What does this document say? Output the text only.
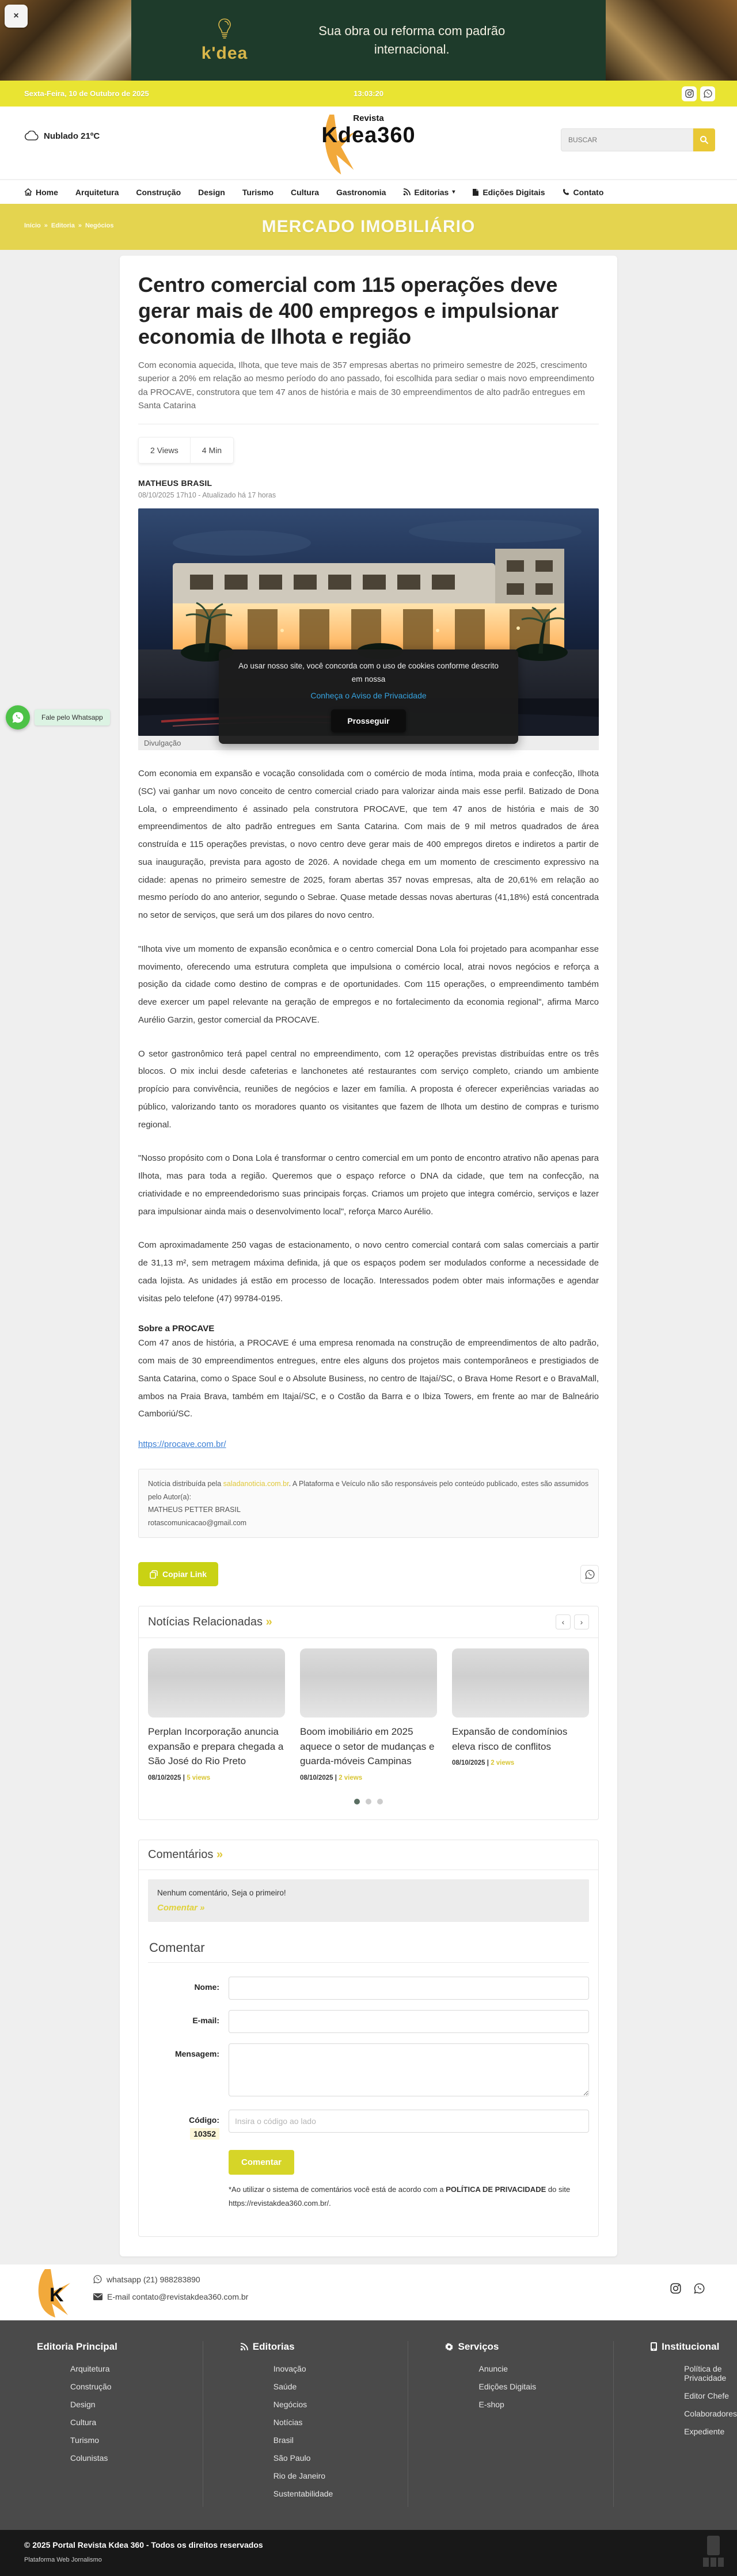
×
k'dea
Sua obra ou reforma com padrão internacional.
Sexta-Feira, 10 de Outubro de 2025	13:03:20
Nublado 21ºC
Revista
Kdea360
BUSCAR
Home Arquitetura Construção Design Turismo Cultura Gastronomia	Editorias ▾	Edições Digitais	Contato
Início » Editoria » Negócios	MERCADO IMOBILIÁRIO
Centro comercial com 115 operações deve gerar mais de 400 empregos e impulsionar economia de Ilhota e região

Com economia aquecida, Ilhota, que teve mais de 357 empresas abertas no primeiro semestre de 2025, crescimento superior a 20% em relação ao mesmo período do ano passado, foi escolhida para sediar o mais novo empreendimento da PROCAVE, construtora que tem 47 anos de história e mais de 30 empreendimentos de alto padrão entregues em Santa Catarina

2 Views	4 Min
MATHEUS BRASIL
08/10/2025 17h10 - Atualizado há 17 horas
Divulgação

Com economia em expansão e vocação consolidada com o comércio de moda íntima, moda praia e confecção, Ilhota (SC) vai ganhar um novo conceito de centro comercial criado para valorizar ainda mais esse perfil. Batizado de Dona Lola, o empreendimento é assinado pela construtora PROCAVE, que tem 47 anos de história e mais de 30 empreendimentos de alto padrão entregues em Santa Catarina. Com mais de 9 mil metros quadrados de área construída e 115 operações previstas, o novo centro deve gerar mais de 400 empregos diretos e indiretos a partir de sua inauguração, prevista para agosto de 2026. A novidade chega em um momento de crescimento expressivo na cidade: apenas no primeiro semestre de 2025, foram abertas 357 novas empresas, alta de 20,61% em relação ao mesmo período do ano anterior, segundo o Sebrae. Quase metade dessas novas aberturas (41,18%) está concentrada no setor de serviços, que será um dos pilares do novo centro.

"Ilhota vive um momento de expansão econômica e o centro comercial Dona Lola foi projetado para acompanhar esse movimento, oferecendo uma estrutura completa que impulsiona o comércio local, atrai novos negócios e reforça a posição da cidade como destino de compras e de oportunidades. Com 115 operações, o empreendimento também deve exercer um papel relevante na geração de empregos e no fortalecimento da economia regional", afirma Marco Aurélio Garzin, gestor comercial da PROCAVE.

O setor gastronômico terá papel central no empreendimento, com 12 operações previstas distribuídas entre os três blocos. O mix inclui desde cafeterias e lanchonetes até restaurantes com serviço completo, criando um ambiente propício para convivência, reuniões de negócios e lazer em família. A proposta é oferecer experiências variadas ao público, valorizando tanto os moradores quanto os visitantes que fazem de Ilhota um destino de compras e turismo regional.

"Nosso propósito com o Dona Lola é transformar o centro comercial em um ponto de encontro atrativo não apenas para Ilhota, mas para toda a região. Queremos que o espaço reforce o DNA da cidade, que tem na confecção, na criatividade e no empreendedorismo suas principais forças. Criamos um projeto que integra comércio, serviços e lazer para impulsionar ainda mais o desenvolvimento local", reforça Marco Aurélio.

Com aproximadamente 250 vagas de estacionamento, o novo centro comercial contará com salas comerciais a partir de 31,13 m², sem metragem máxima definida, já que os espaços podem ser modulados conforme a necessidade de cada lojista. As unidades já estão em processo de locação. Interessados podem obter mais informações e agendar visitas pelo telefone (47) 99784-0195.

Sobre a PROCAVE

Com 47 anos de história, a PROCAVE é uma empresa renomada na construção de empreendimentos de alto padrão, com mais de 30 empreendimentos entregues, entre eles alguns dos projetos mais contemporâneos e prestigiados de Santa Catarina, como o Space Soul e o Absolute Business, no centro de Itajaí/SC, o Brava Home Resort e o BravaMall, ambos na Praia Brava, também em Itajaí/SC, e o Costão da Barra e o Ibiza Towers, em frente ao mar de Balneário Camboriú/SC.

https://procave.com.br/
Notícia distribuída pela saladanoticia.com.br. A Plataforma e Veículo não são responsáveis pelo conteúdo publicado, estes são assumidos pelo Autor(a):
MATHEUS PETTER BRASIL
rotascomunicacao@gmail.com
Copiar Link
Notícias Relacionadas »	‹	›
Perplan Incorporação anuncia expansão e prepara chegada a São José do Rio Preto
08/10/2025 | 5 views
Boom imobiliário em 2025 aquece o setor de mudanças e guarda-móveis Campinas
08/10/2025 | 2 views
Expansão de condomínios eleva risco de conflitos
08/10/2025 | 2 views
Comentários »
Nenhum comentário, Seja o primeiro!
Comentar »
Comentar
Nome:
E-mail:
Mensagem:
Código:
10352
Insira o código ao lado
Comentar
*Ao utilizar o sistema de comentários você está de acordo com a POLÍTICA DE PRIVACIDADE do site
https://revistakdea360.com.br/.
Ao usar nosso site, você concorda com o uso de cookies conforme descrito em nossa
Conheça o Aviso de Privacidade
Prosseguir
Fale pelo Whatsapp
K
whatsapp (21) 988283890
E-mail contato@revistakdea360.com.br
Editoria Principal
Arquitetura
Construção
Design
Cultura
Turismo
Colunistas
Editorias
Inovação
Saúde
Negócios
Notícias
Brasil
São Paulo
Rio de Janeiro
Sustentabilidade
Serviços
Anuncie
Edições Digitais
E-shop
Institucional
Política de Privacidade
Editor Chefe
Colaboradores
Expediente
© 2025 Portal Revista Kdea 360 - Todos os direitos reservados
Plataforma Web Jornalismo
